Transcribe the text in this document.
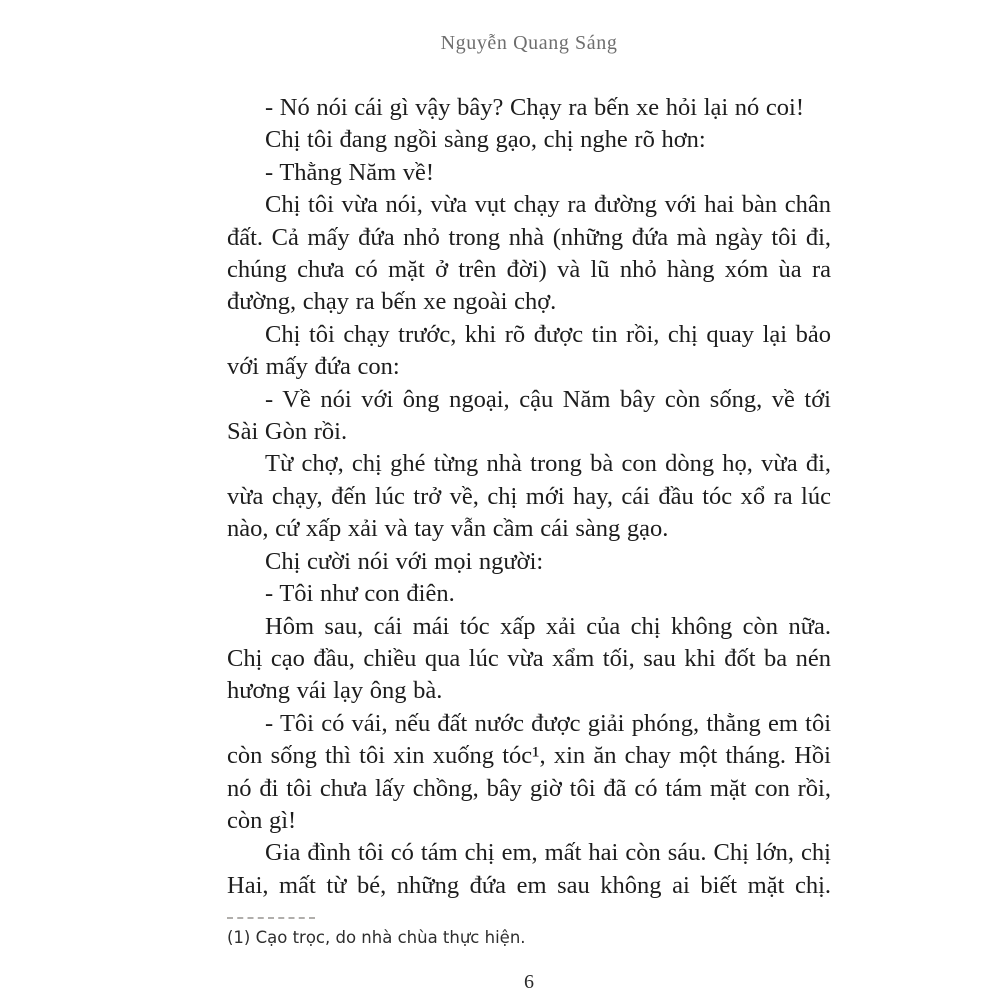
Nguyễn Quang Sáng

- Nó nói cái gì vậy bây? Chạy ra bến xe hỏi lại nó coi!

Chị tôi đang ngồi sàng gạo, chị nghe rõ hơn:

- Thằng Năm về!

Chị tôi vừa nói, vừa vụt chạy ra đường với hai bàn chân đất. Cả mấy đứa nhỏ trong nhà (những đứa mà ngày tôi đi, chúng chưa có mặt ở trên đời) và lũ nhỏ hàng xóm ùa ra đường, chạy ra bến xe ngoài chợ.

Chị tôi chạy trước, khi rõ được tin rồi, chị quay lại bảo với mấy đứa con:

- Về nói với ông ngoại, cậu Năm bây còn sống, về tới Sài Gòn rồi.

Từ chợ, chị ghé từng nhà trong bà con dòng họ, vừa đi, vừa chạy, đến lúc trở về, chị mới hay, cái đầu tóc xổ ra lúc nào, cứ xấp xải và tay vẫn cầm cái sàng gạo.

Chị cười nói với mọi người:

- Tôi như con điên.

Hôm sau, cái mái tóc xấp xải của chị không còn nữa. Chị cạo đầu, chiều qua lúc vừa xẩm tối, sau khi đốt ba nén hương vái lạy ông bà.

- Tôi có vái, nếu đất nước được giải phóng, thằng em tôi còn sống thì tôi xin xuống tóc¹, xin ăn chay một tháng. Hồi nó đi tôi chưa lấy chồng, bây giờ tôi đã có tám mặt con rồi, còn gì!

Gia đình tôi có tám chị em, mất hai còn sáu. Chị lớn, chị Hai, mất từ bé, những đứa em sau không ai biết mặt chị.

(1) Cạo trọc, do nhà chùa thực hiện.
6
